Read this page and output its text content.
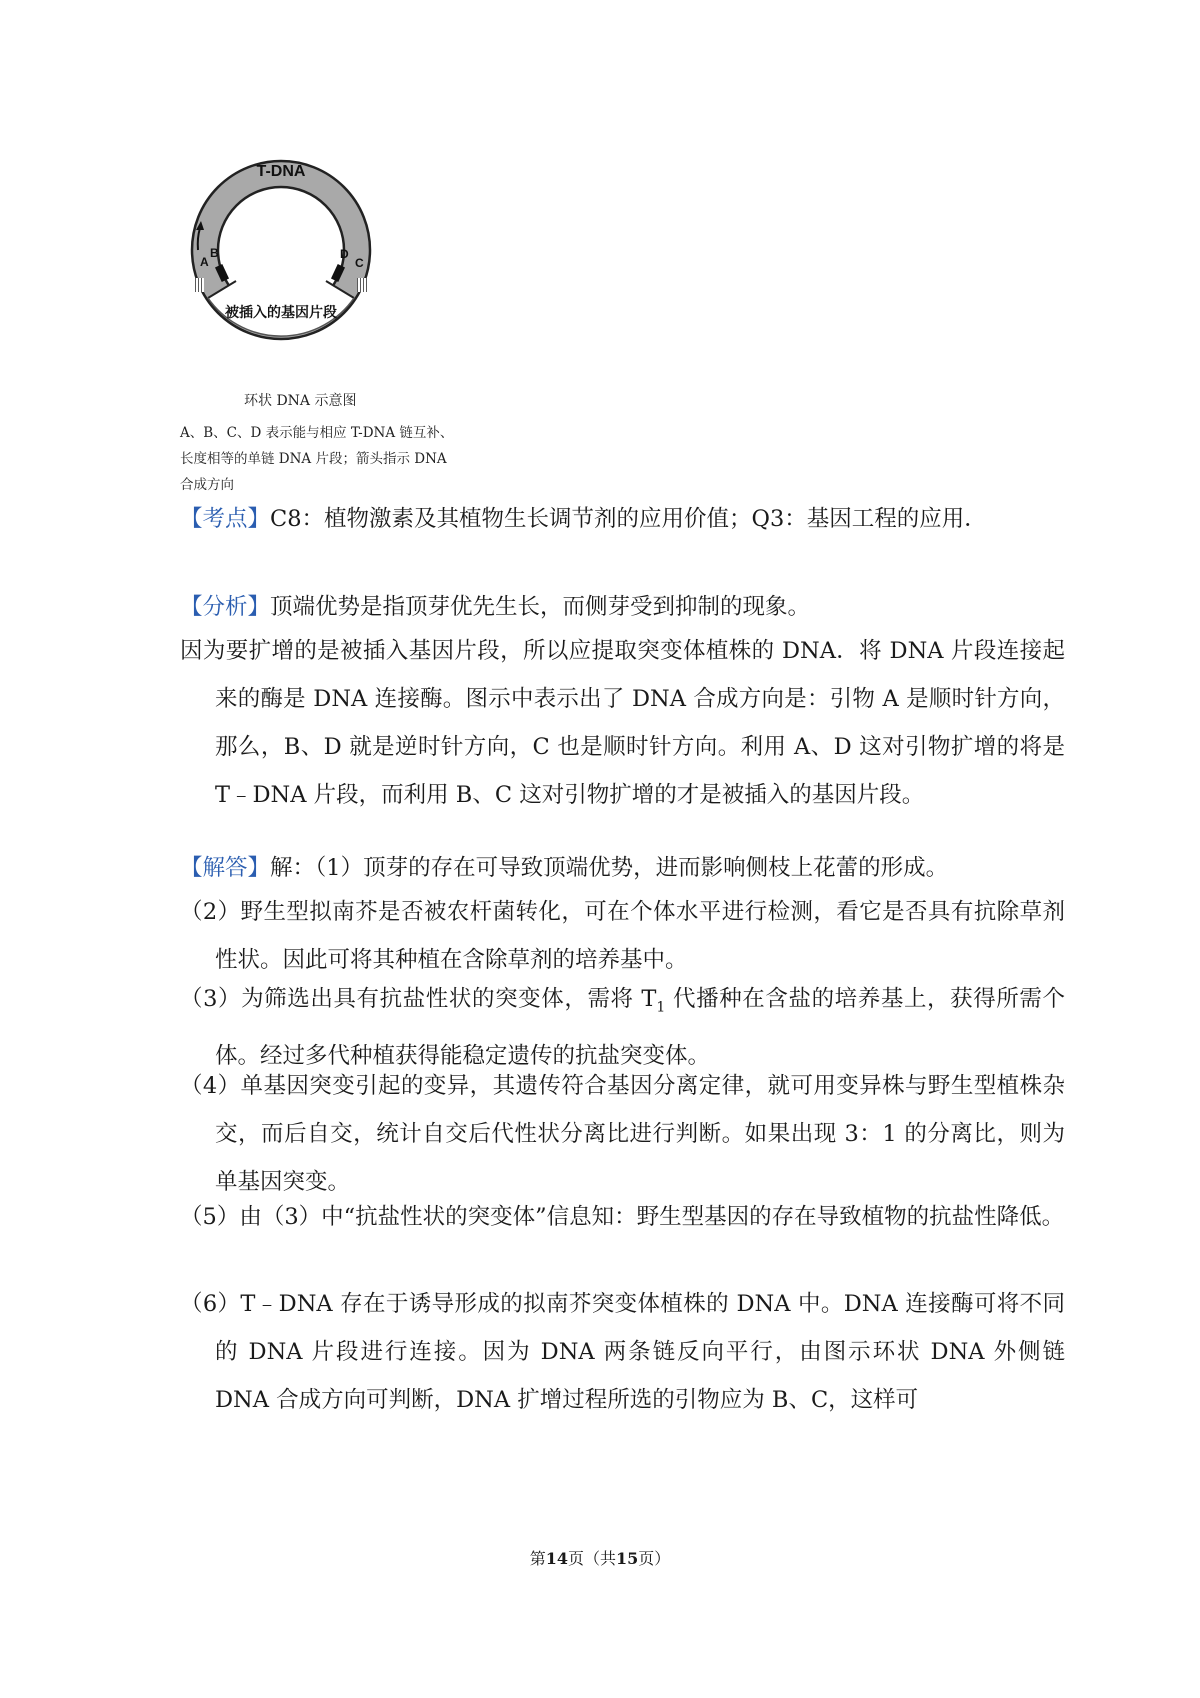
T-DNA
A
B	D
C
被插入的基因片段
环状 DNA 示意图
A、B、C、D 表示能与相应 T-DNA 链互补、长度相等的单链 DNA 片段；箭头指示 DNA 合成方向
【考点】C8：植物激素及其植物生长调节剂的应用价值；Q3：基因工程的应用．
【分析】顶端优势是指顶芽优先生长，而侧芽受到抑制的现象。
因为要扩增的是被插入基因片段，所以应提取突变体植株的 DNA．将 DNA 片段连接起来的酶是 DNA 连接酶。图示中表示出了 DNA 合成方向是：引物 A 是顺时针方向，那么，B、D 就是逆时针方向，C 也是顺时针方向。利用 A、D 这对引物扩增的将是 T﹣DNA 片段，而利用 B、C 这对引物扩增的才是被插入的基因片段。
【解答】解：（1）顶芽的存在可导致顶端优势，进而影响侧枝上花蕾的形成。
（2）野生型拟南芥是否被农杆菌转化，可在个体水平进行检测，看它是否具有抗除草剂性状。因此可将其种植在含除草剂的培养基中。
（3）为筛选出具有抗盐性状的突变体，需将 $T_1$ 代播种在含盐的培养基上，获得所需个体。经过多代种植获得能稳定遗传的抗盐突变体。
（4）单基因突变引起的变异，其遗传符合基因分离定律，就可用变异株与野生型植株杂交，而后自交，统计自交后代性状分离比进行判断。如果出现 3：1 的分离比，则为单基因突变。
（5）由（3）中“抗盐性状的突变体”信息知：野生型基因的存在导致植物的抗盐性降低。
（6）T﹣DNA 存在于诱导形成的拟南芥突变体植株的 DNA 中。DNA 连接酶可将不同的 DNA 片段进行连接。因为 DNA 两条链反向平行，由图示环状 DNA 外侧链 DNA 合成方向可判断，DNA 扩增过程所选的引物应为 B、C，这样可
第14页（共15页）
